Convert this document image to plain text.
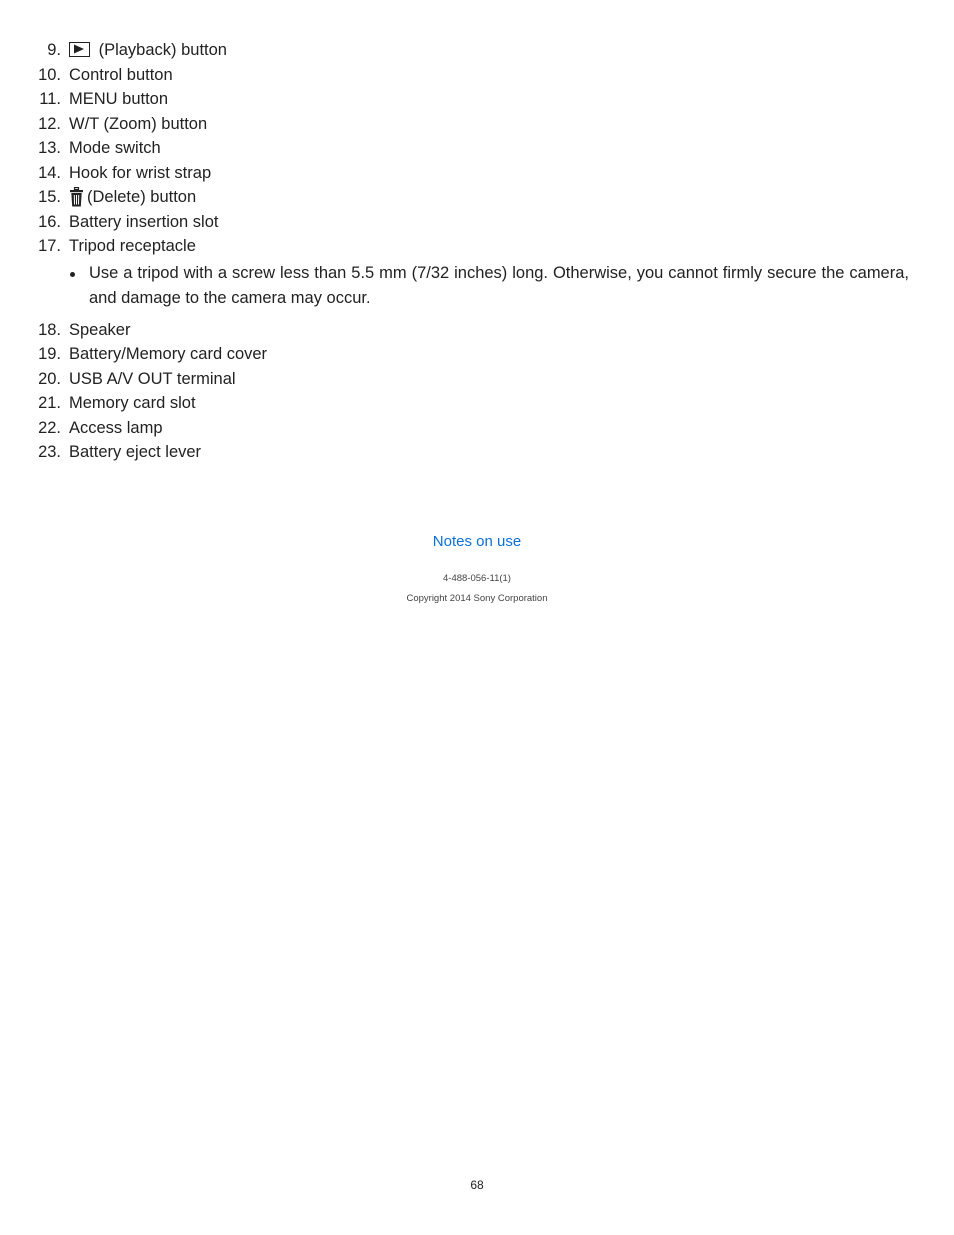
9.	(Playback) button
10. Control button
11. MENU button
12. W/T (Zoom) button
13. Mode switch
14. Hook for wrist strap
15.	(Delete) button
16. Battery insertion slot
17. Tripod receptacle
Use a tripod with a screw less than 5.5 mm (7/32 inches) long. Otherwise, you cannot firmly secure the camera, and damage to the camera may occur.
18. Speaker
19. Battery/Memory card cover
20. USB A/V OUT terminal
21. Memory card slot
22. Access lamp
23. Battery eject lever
Notes on use
4-488-056-11(1)
Copyright 2014 Sony Corporation
68
